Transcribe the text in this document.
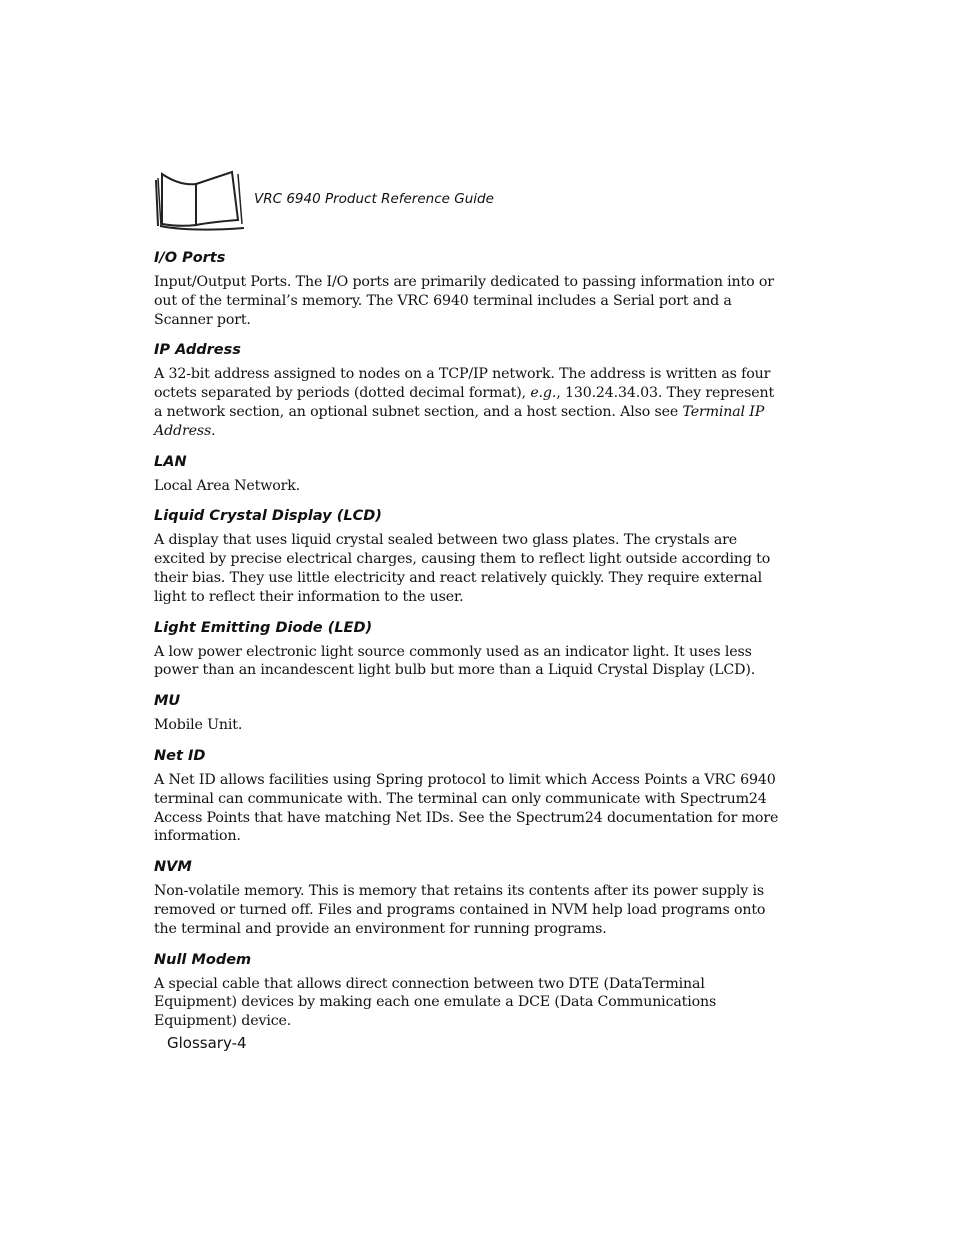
VRC 6940 Product Reference Guide
I/O Ports
Input/Output Ports. The I/O ports are primarily dedicated to passing information into or out of the terminal’s memory. The VRC 6940 terminal includes a Serial port and a Scanner port.
IP Address
A 32-bit address assigned to nodes on a TCP/IP network. The address is written as four octets separated by periods (dotted decimal format), e.g., 130.24.34.03. They represent a network section, an optional subnet section, and a host section. Also see Terminal IP Address.
LAN
Local Area Network.
Liquid Crystal Display (LCD)
A display that uses liquid crystal sealed between two glass plates. The crystals are excited by precise electrical charges, causing them to reflect light outside according to their bias. They use little electricity and react relatively quickly. They require external light to reflect their information to the user.
Light Emitting Diode (LED)
A low power electronic light source commonly used as an indicator light. It uses less power than an incandescent light bulb but more than a Liquid Crystal Display (LCD).
MU
Mobile Unit.
Net ID
A Net ID allows facilities using Spring protocol to limit which Access Points a VRC 6940 terminal can communicate with. The terminal can only communicate with Spectrum24 Access Points that have matching Net IDs. See the Spectrum24 documentation for more information.
NVM
Non-volatile memory. This is memory that retains its contents after its power supply is removed or turned off. Files and programs contained in NVM help load programs onto the terminal and provide an environment for running programs.
Null Modem
A special cable that allows direct connection between two DTE (DataTerminal Equipment) devices by making each one emulate a DCE (Data Communications Equipment) device.
Glossary-4
